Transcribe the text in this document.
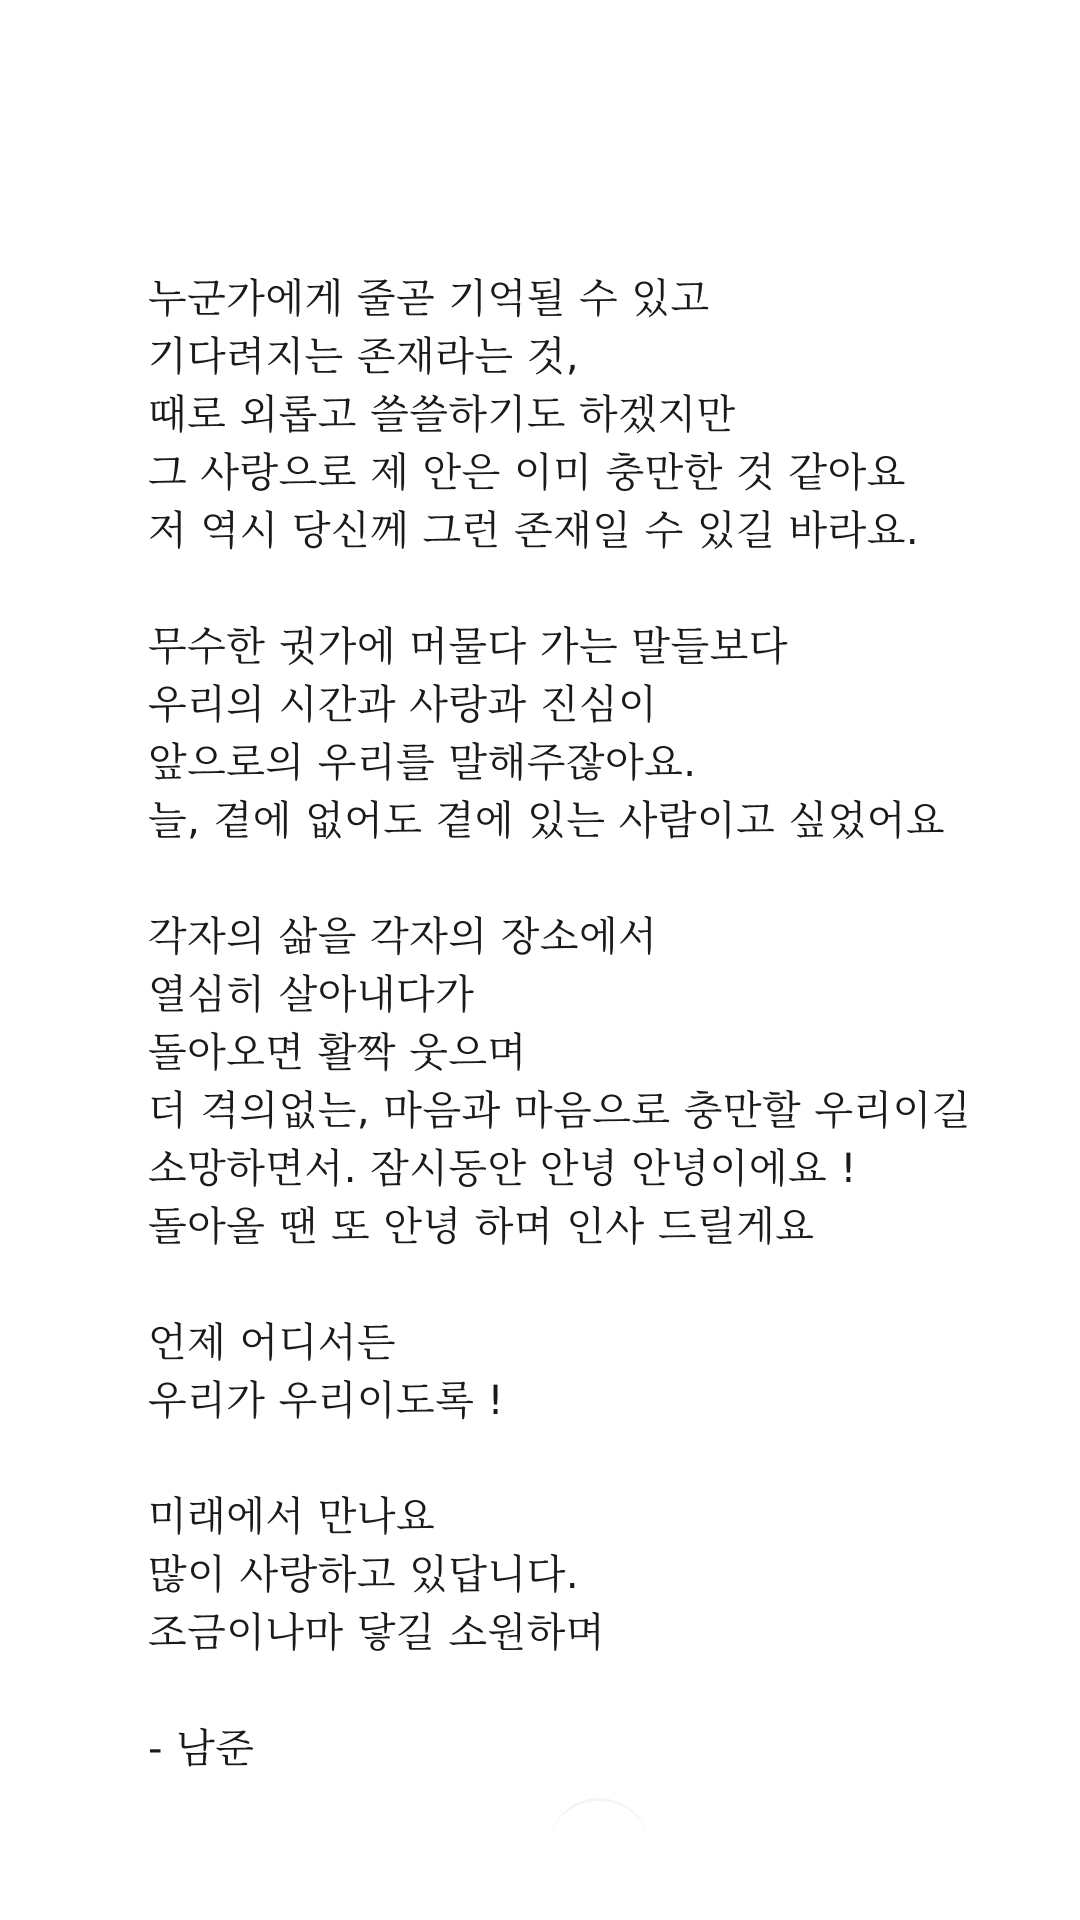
누군가에게 줄곧 기억될 수 있고
기다려지는 존재라는 것,
때로 외롭고 쓸쓸하기도 하겠지만
그 사랑으로 제 안은 이미 충만한 것 같아요
저 역시 당신께 그런 존재일 수 있길 바라요.
무수한 귓가에 머물다 가는 말들보다
우리의 시간과 사랑과 진심이
앞으로의 우리를 말해주잖아요.
늘, 곁에 없어도 곁에 있는 사람이고 싶었어요
각자의 삶을 각자의 장소에서
열심히 살아내다가
돌아오면 활짝 웃으며
더 격의없는, 마음과 마음으로 충만할 우리이길
소망하면서. 잠시동안 안녕 안녕이에요 !
돌아올 땐 또 안녕 하며 인사 드릴게요
언제 어디서든
우리가 우리이도록 !
미래에서 만나요
많이 사랑하고 있답니다.
조금이나마 닿길 소원하며
- 남준
